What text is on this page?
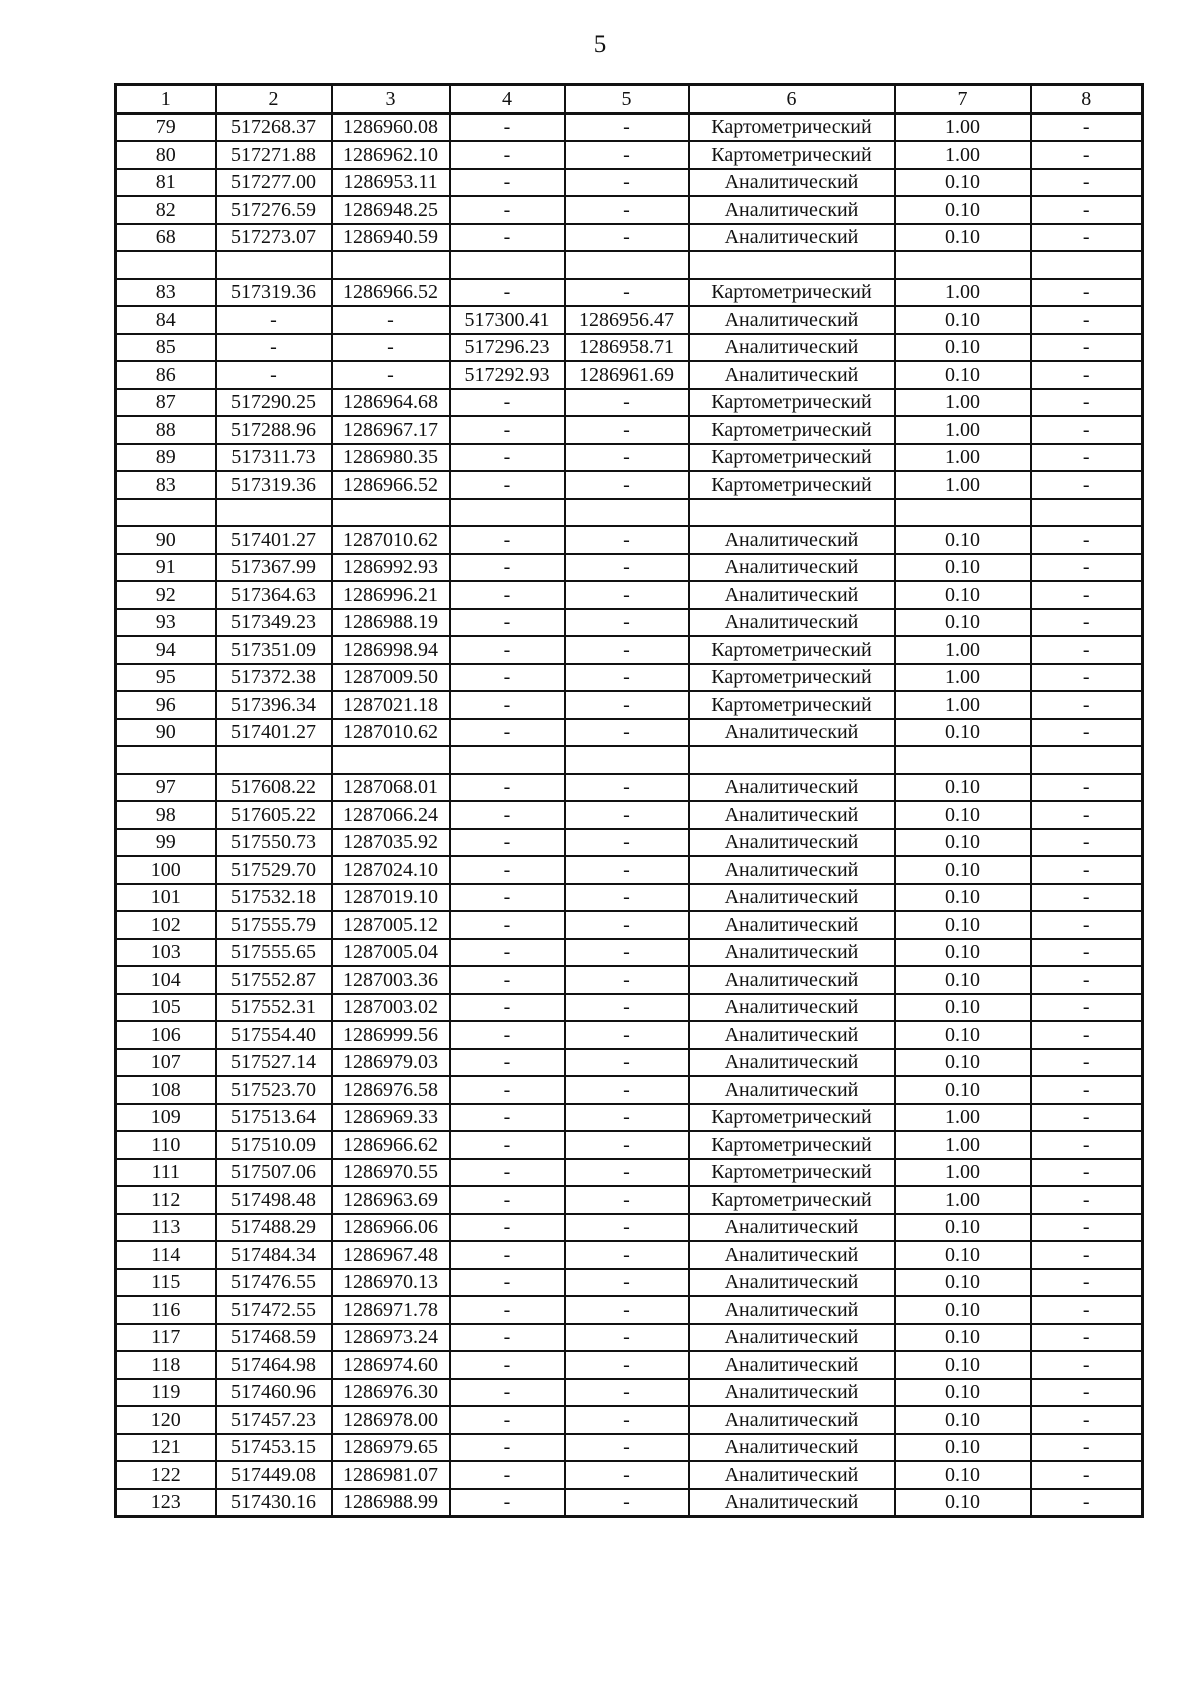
5
1	2	3	4	5	6	7	8
79	517268.37	1286960.08	-	-	Картометрический	1.00	-
80	517271.88	1286962.10	-	-	Картометрический	1.00	-
81	517277.00	1286953.11	-	-	Аналитический	0.10	-
82	517276.59	1286948.25	-	-	Аналитический	0.10	-
68	517273.07	1286940.59	-	-	Аналитический	0.10	-

83	517319.36	1286966.52	-	-	Картометрический	1.00	-
84	-	-	517300.41	1286956.47	Аналитический	0.10	-
85	-	-	517296.23	1286958.71	Аналитический	0.10	-
86	-	-	517292.93	1286961.69	Аналитический	0.10	-
87	517290.25	1286964.68	-	-	Картометрический	1.00	-
88	517288.96	1286967.17	-	-	Картометрический	1.00	-
89	517311.73	1286980.35	-	-	Картометрический	1.00	-
83	517319.36	1286966.52	-	-	Картометрический	1.00	-

90	517401.27	1287010.62	-	-	Аналитический	0.10	-
91	517367.99	1286992.93	-	-	Аналитический	0.10	-
92	517364.63	1286996.21	-	-	Аналитический	0.10	-
93	517349.23	1286988.19	-	-	Аналитический	0.10	-
94	517351.09	1286998.94	-	-	Картометрический	1.00	-
95	517372.38	1287009.50	-	-	Картометрический	1.00	-
96	517396.34	1287021.18	-	-	Картометрический	1.00	-
90	517401.27	1287010.62	-	-	Аналитический	0.10	-

97	517608.22	1287068.01	-	-	Аналитический	0.10	-
98	517605.22	1287066.24	-	-	Аналитический	0.10	-
99	517550.73	1287035.92	-	-	Аналитический	0.10	-
100	517529.70	1287024.10	-	-	Аналитический	0.10	-
101	517532.18	1287019.10	-	-	Аналитический	0.10	-
102	517555.79	1287005.12	-	-	Аналитический	0.10	-
103	517555.65	1287005.04	-	-	Аналитический	0.10	-
104	517552.87	1287003.36	-	-	Аналитический	0.10	-
105	517552.31	1287003.02	-	-	Аналитический	0.10	-
106	517554.40	1286999.56	-	-	Аналитический	0.10	-
107	517527.14	1286979.03	-	-	Аналитический	0.10	-
108	517523.70	1286976.58	-	-	Аналитический	0.10	-
109	517513.64	1286969.33	-	-	Картометрический	1.00	-
110	517510.09	1286966.62	-	-	Картометрический	1.00	-
111	517507.06	1286970.55	-	-	Картометрический	1.00	-
112	517498.48	1286963.69	-	-	Картометрический	1.00	-
113	517488.29	1286966.06	-	-	Аналитический	0.10	-
114	517484.34	1286967.48	-	-	Аналитический	0.10	-
115	517476.55	1286970.13	-	-	Аналитический	0.10	-
116	517472.55	1286971.78	-	-	Аналитический	0.10	-
117	517468.59	1286973.24	-	-	Аналитический	0.10	-
118	517464.98	1286974.60	-	-	Аналитический	0.10	-
119	517460.96	1286976.30	-	-	Аналитический	0.10	-
120	517457.23	1286978.00	-	-	Аналитический	0.10	-
121	517453.15	1286979.65	-	-	Аналитический	0.10	-
122	517449.08	1286981.07	-	-	Аналитический	0.10	-
123	517430.16	1286988.99	-	-	Аналитический	0.10	-
